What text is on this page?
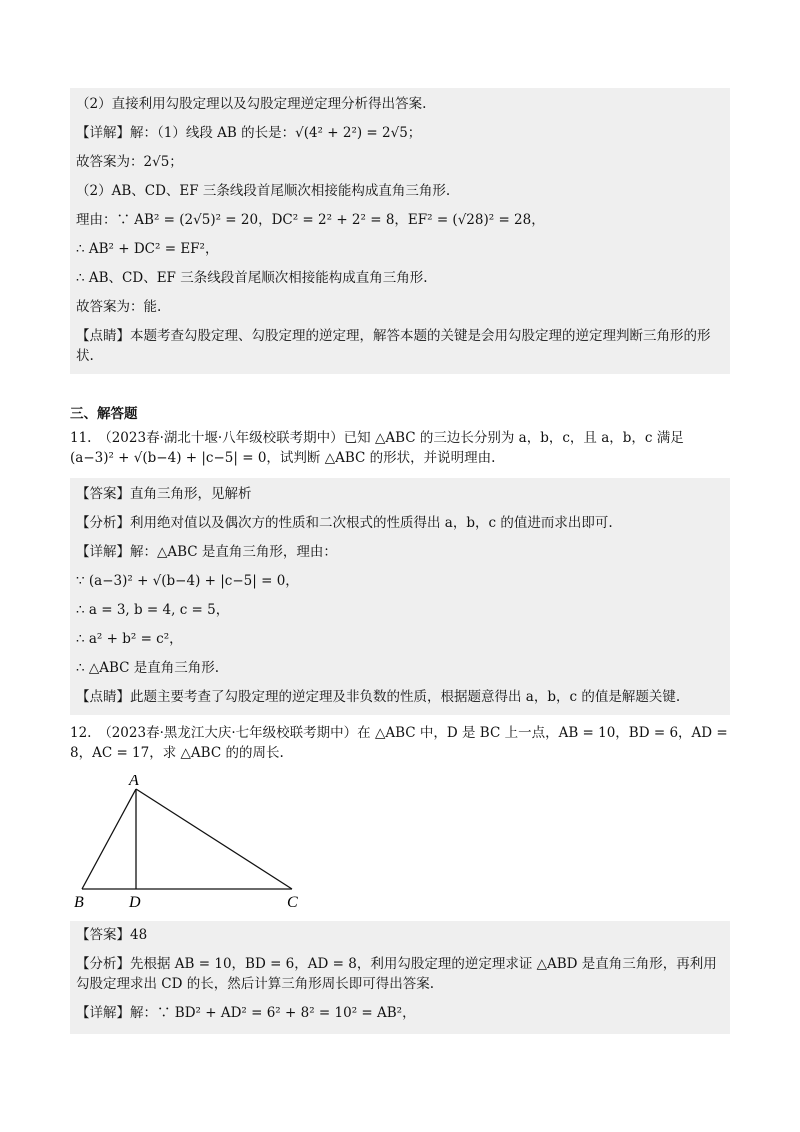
（2）直接利用勾股定理以及勾股定理逆定理分析得出答案.
【详解】解：（1）线段 AB 的长是：√(4² + 2²) = 2√5；
故答案为：2√5；
（2）AB、CD、EF 三条线段首尾顺次相接能构成直角三角形.
理由：∵ AB² = (2√5)² = 20，DC² = 2² + 2² = 8，EF² = (√28)² = 28，
∴ AB² + DC² = EF²，
∴ AB、CD、EF 三条线段首尾顺次相接能构成直角三角形.
故答案为：能.
【点睛】本题考查勾股定理、勾股定理的逆定理，解答本题的关键是会用勾股定理的逆定理判断三角形的形状.
三、解答题
11.　（2023春·湖北十堰·八年级校联考期中）已知 △ABC 的三边长分别为 a，b，c，且 a，b，c 满足 (a−3)² + √(b−4) + |c−5| = 0，试判断 △ABC 的形状，并说明理由.
【答案】直角三角形，见解析
【分析】利用绝对值以及偶次方的性质和二次根式的性质得出 a，b，c 的值进而求出即可.
【详解】解：△ABC 是直角三角形，理由：
∵ (a−3)² + √(b−4) + |c−5| = 0，
∴ a = 3, b = 4, c = 5，
∴ a² + b² = c²，
∴ △ABC 是直角三角形.
【点睛】此题主要考查了勾股定理的逆定理及非负数的性质，根据题意得出 a，b，c 的值是解题关键.
12.　（2023春·黑龙江大庆·七年级校联考期中）在 △ABC 中，D 是 BC 上一点，AB = 10，BD = 6，AD = 8，AC = 17，求 △ABC 的的周长.
A
B	D	C
【答案】48
【分析】先根据 AB = 10，BD = 6，AD = 8，利用勾股定理的逆定理求证 △ABD 是直角三角形，再利用勾股定理求出 CD 的长，然后计算三角形周长即可得出答案.
【详解】解：∵ BD² + AD² = 6² + 8² = 10² = AB²，
